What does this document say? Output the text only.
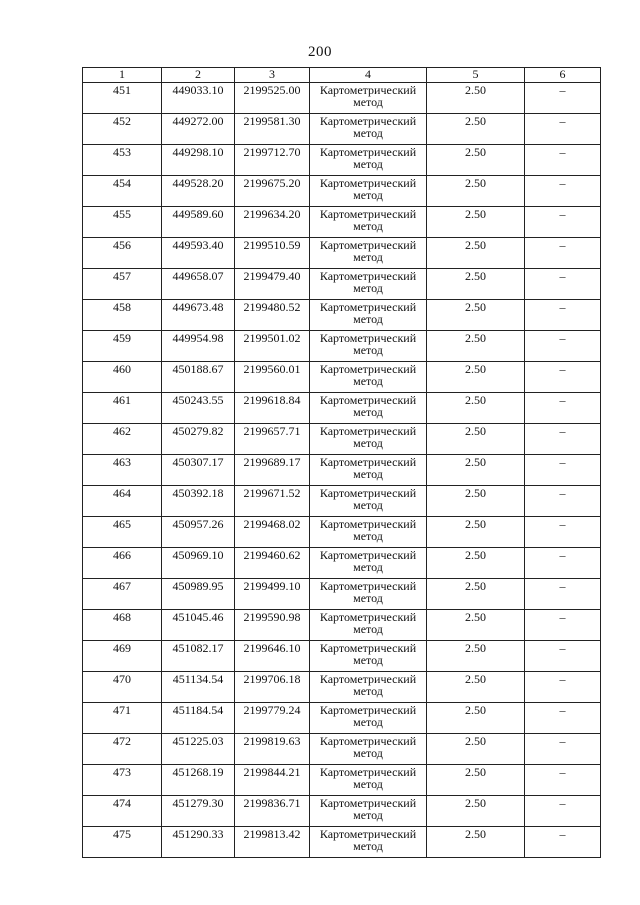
200
1	2	3	4	5	6
451	449033.10	2199525.00	Картометрический метод	2.50	–
452	449272.00	2199581.30	Картометрический метод	2.50	–
453	449298.10	2199712.70	Картометрический метод	2.50	–
454	449528.20	2199675.20	Картометрический метод	2.50	–
455	449589.60	2199634.20	Картометрический метод	2.50	–
456	449593.40	2199510.59	Картометрический метод	2.50	–
457	449658.07	2199479.40	Картометрический метод	2.50	–
458	449673.48	2199480.52	Картометрический метод	2.50	–
459	449954.98	2199501.02	Картометрический метод	2.50	–
460	450188.67	2199560.01	Картометрический метод	2.50	–
461	450243.55	2199618.84	Картометрический метод	2.50	–
462	450279.82	2199657.71	Картометрический метод	2.50	–
463	450307.17	2199689.17	Картометрический метод	2.50	–
464	450392.18	2199671.52	Картометрический метод	2.50	–
465	450957.26	2199468.02	Картометрический метод	2.50	–
466	450969.10	2199460.62	Картометрический метод	2.50	–
467	450989.95	2199499.10	Картометрический метод	2.50	–
468	451045.46	2199590.98	Картометрический метод	2.50	–
469	451082.17	2199646.10	Картометрический метод	2.50	–
470	451134.54	2199706.18	Картометрический метод	2.50	–
471	451184.54	2199779.24	Картометрический метод	2.50	–
472	451225.03	2199819.63	Картометрический метод	2.50	–
473	451268.19	2199844.21	Картометрический метод	2.50	–
474	451279.30	2199836.71	Картометрический метод	2.50	–
475	451290.33	2199813.42	Картометрический метод	2.50	–
